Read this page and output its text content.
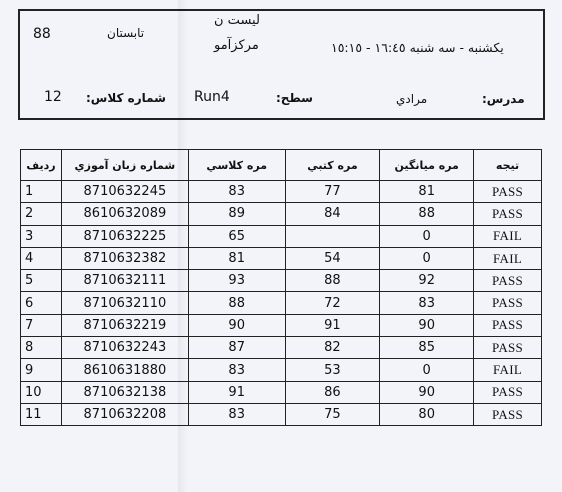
88	تابستان
ليست ن
مركزآمو	يكشنبه - سه شنبه ١٦:٤٥ - ١٥:١٥
12 شماره كلاس: Run4	سطح:	مرادي	مدرس:
رديف	شماره زبان آموزي	مره كلاسي	مره كتبي	مره ميانگين	تيجه
1	8710632245	83	77	81	PASS
2	8610632089	89	84	88	PASS
3	8710632225	65		0	FAIL
4	8710632382	81	54	0	FAIL
5	8710632111	93	88	92	PASS
6	8710632110	88	72	83	PASS
7	8710632219	90	91	90	PASS
8	8710632243	87	82	85	PASS
9	8610631880	83	53	0	FAIL
10	8710632138	91	86	90	PASS
11	8710632208	83	75	80	PASS
